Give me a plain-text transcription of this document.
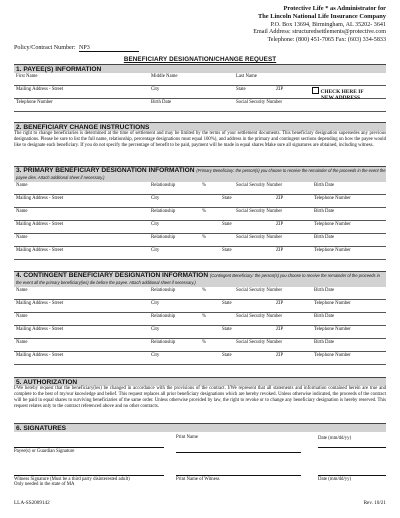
Protective Life * as Administrator for
The Lincoln National Life Insurance Company
P.O. Box 13694, Birmingham, AL 35202- 3641
Email Address: structuredsettlements@protective.com
Telephone: (800) 451-7065 Fax: (603) 334-5833
Policy/Contract Number: NP3
BENEFICIARY DESIGNATION/CHANGE REQUEST
1. PAYEE(S) INFORMATION
First Name	Middle Name	Last Name
Mailing Address - Street	City	State	ZIP	CHECK HERE IF
NEW ADDRESS
Telephone Number	Birth Date	Social Security Number
2. BENEFICIARY CHANGE INSTRUCTIONS
The right to change beneficiaries is determined at the time of settlement and may be limited by the terms of your settlement documents. This beneficiary designation supersedes any previous designations. Please be sure to list the full name, relationship, percentage designations must equal 100%), and address in the primary and contingent sections depending on how the payee would like to designate each beneficiary. If you do not specify the percentage of benefit to be paid, payment will be made in equal shares Make sure all signatures are obtained, including witness.
3. PRIMARY BENEFICIARY DESIGNATION INFORMATION $^{(Primary Beneficiary: the person(s) you choose to receive the remainder of the proceeds in the event the payee dies. Attach additional sheet if necessary.)}$
Name	Relationship	%	Social Security Number	Birth Date
Mailing Address - Street	City	State	ZIP	Telephone Number
Name	Relationship	%	Social Security Number	Birth Date
Mailing Address - Street	City	State	ZIP	Telephone Number
Name	Relationship	%	Social Security Number	Birth Date
Mailing Address - Street	City	State	ZIP	Telephone Number
4. CONTINGENT BENEFICIARY DESIGNATION INFORMATION $^{(Contingent Beneficiary: the person(s) you choose to receive the remainder of the proceeds in the event all the primary beneficiary(ies) die before the payee. Attach additional sheet if necessary.)}$
Name	Relationship	%	Social Security Number	Birth Date
Mailing Address - Street	City	State	ZIP	Telephone Number
Name	Relationship	%	Social Security Number	Birth Date
Mailing Address - Street	City	State	ZIP	Telephone Number
Name	Relationship	%	Social Security Number	Birth Date
Mailing Address - Street	City	State	ZIP	Telephone Number
5. AUTHORIZATION
I/We hereby request that the beneficiary(ies) be changed in accordance with the provisions of the contract. I/We represent that all statements and information contained herein are true and complete to the best of my/our knowledge and belief. This request replaces all prior beneficiary designations which are hereby revoked. Unless otherwise indicated, the proceeds of the contract will be paid in equal shares to surviving beneficiaries of the same order. Unless otherwise provided by law, the right to revoke or to change any beneficiary designation is hereby reserved. This request relates only to the contract referenced above and no other contracts.
6. SIGNATURES
Payee(s) or Guardian Signature
Print Name	Date (mm/dd/yy)
Witness Signature (Must be a third party disinterested adult)
Only needed in the state of MA
Print Name of Witness	Date (mm/dd/yy)
LLA-SS2009142	Rev. 10/21
